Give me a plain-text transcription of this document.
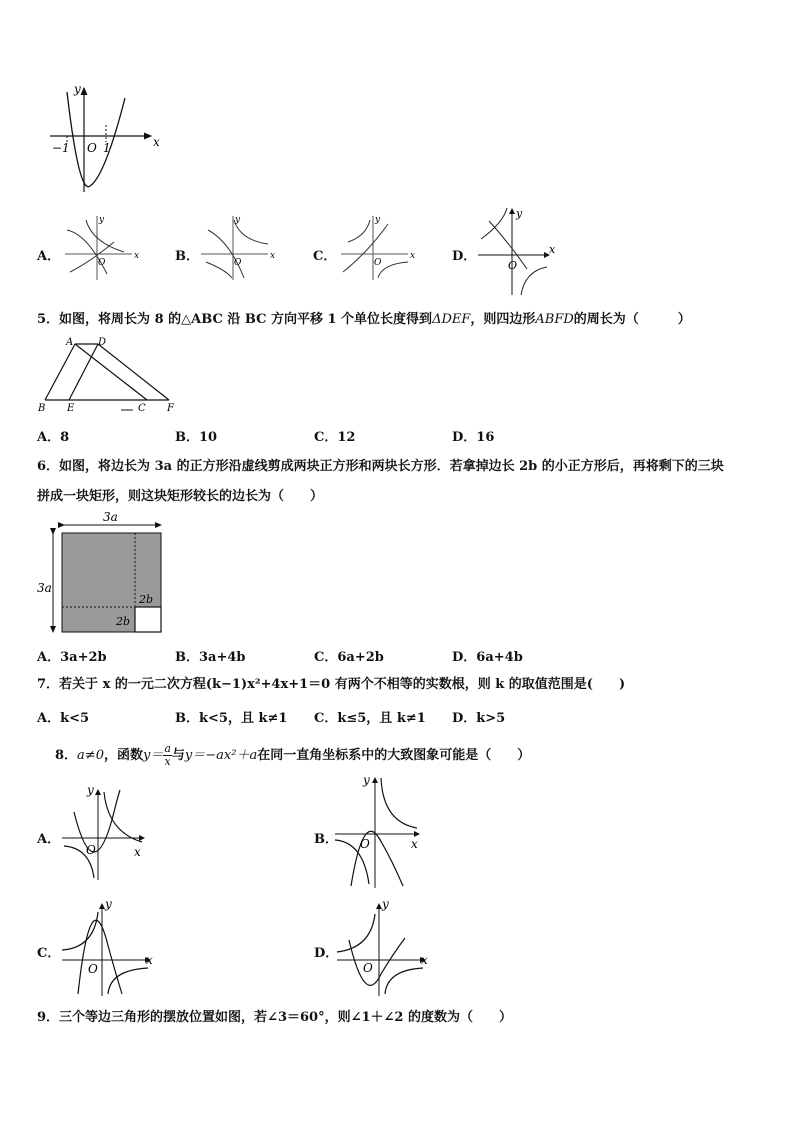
y
x
−1 O 1
A．	x
y
O	B．	x
y
O	C．	x
y
O	D．	x
y
O
5．如图，将周长为 8 的△ABC 沿 BC 方向平移 1 个单位长度得到ΔDEF，则四边形ABFD的周长为（　　　）
A D
B E	C F
A．8	B．10	C．12	D．16
6．如图，将边长为 3a 的正方形沿虚线剪成两块正方形和两块长方形．若拿掉边长 2b 的小正方形后，再将剩下的三块
拼成一块矩形，则这块矩形较长的边长为（　　）
3a
3a
2b
2b
A．3a+2b	B．3a+4b	C．6a+2b	D．6a+4b
7．若关于 x 的一元二次方程(k−1)x²+4x+1＝0 有两个不相等的实数根，则 k 的取值范围是(　　)
A．k<5	B．k<5，且 k≠1 C．k≤5，且 k≠1 D．k>5
8．a≠0，函数$y= \frac{a}{x}$ 与y＝−ax²＋a在同一直角坐标系中的大致图象可能是（　　）
A．
x
y
O
B．	x
y
O
C．	x
y
O
D．	x
y
O
9．三个等边三角形的摆放位置如图，若∠3＝60°，则∠1＋∠2 的度数为（　　）
